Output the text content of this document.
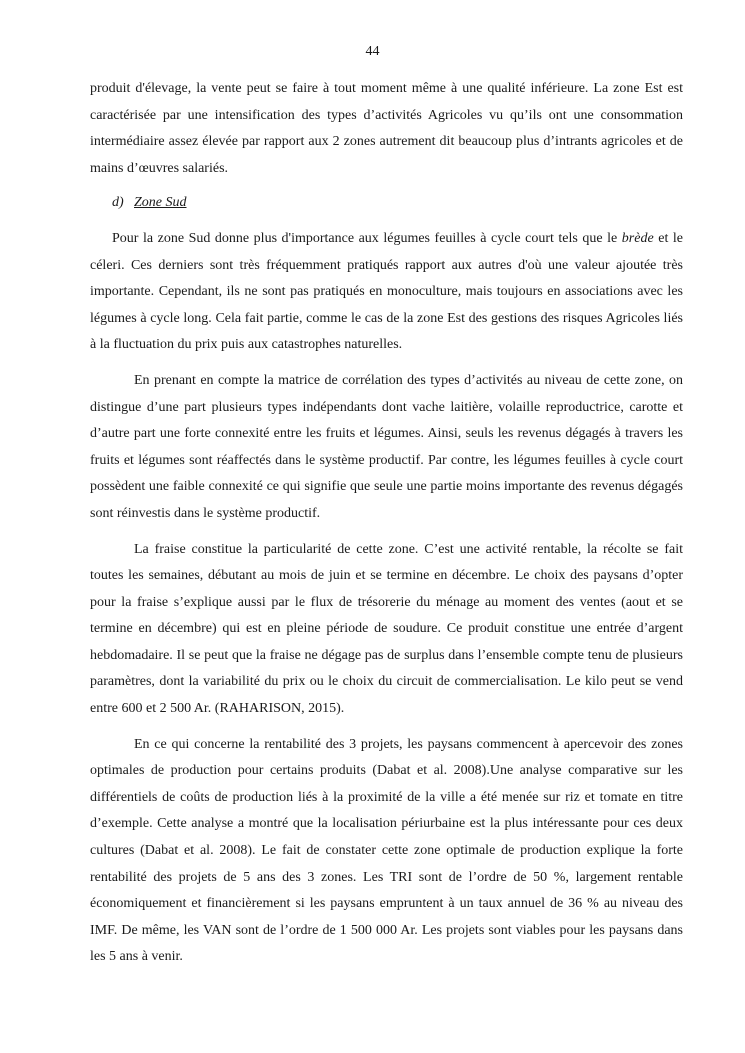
44

produit d'élevage, la vente peut se faire à tout moment même à une qualité inférieure. La zone Est est caractérisée par une intensification des types d’activités Agricoles vu qu’ils ont une consommation intermédiaire assez élevée par rapport aux 2 zones autrement dit beaucoup plus d’intrants agricoles et de mains d’œuvres salariés.

d) Zone Sud

Pour la zone Sud donne plus d'importance aux légumes feuilles à cycle court tels que le brède et le céleri. Ces derniers sont très fréquemment pratiqués rapport aux autres d'où une valeur ajoutée très importante. Cependant, ils ne sont pas pratiqués en monoculture, mais toujours en associations avec les légumes à cycle long. Cela fait partie, comme le cas de la zone Est des gestions des risques Agricoles liés à la fluctuation du prix puis aux catastrophes naturelles.

En prenant en compte la matrice de corrélation des types d’activités au niveau de cette zone, on distingue d’une part plusieurs types indépendants dont vache laitière, volaille reproductrice, carotte et d’autre part une forte connexité entre les fruits et légumes. Ainsi, seuls les revenus dégagés à travers les fruits et légumes sont réaffectés dans le système productif. Par contre, les légumes feuilles à cycle court possèdent une faible connexité ce qui signifie que seule une partie moins importante des revenus dégagés sont réinvestis dans le système productif.

La fraise constitue la particularité de cette zone. C’est une activité rentable, la récolte se fait toutes les semaines, débutant au mois de juin et se termine en décembre. Le choix des paysans d’opter pour la fraise s’explique aussi par le flux de trésorerie du ménage au moment des ventes (aout et se termine en décembre) qui est en pleine période de soudure. Ce produit constitue une entrée d’argent hebdomadaire. Il se peut que la fraise ne dégage pas de surplus dans l’ensemble compte tenu de plusieurs paramètres, dont la variabilité du prix ou le choix du circuit de commercialisation. Le kilo peut se vend entre 600 et 2 500 Ar. (RAHARISON, 2015).

En ce qui concerne la rentabilité des 3 projets, les paysans commencent à apercevoir des zones optimales de production pour certains produits (Dabat et al. 2008).Une analyse comparative sur les différentiels de coûts de production liés à la proximité de la ville a été menée sur riz et tomate en titre d’exemple. Cette analyse a montré que la localisation périurbaine est la plus intéressante pour ces deux cultures (Dabat et al. 2008). Le fait de constater cette zone optimale de production explique la forte rentabilité des projets de 5 ans des 3 zones. Les TRI sont de l’ordre de 50 %, largement rentable économiquement et financièrement si les paysans empruntent à un taux annuel de 36 % au niveau des IMF. De même, les VAN sont de l’ordre de 1 500 000 Ar. Les projets sont viables pour les paysans dans les 5 ans à venir.
